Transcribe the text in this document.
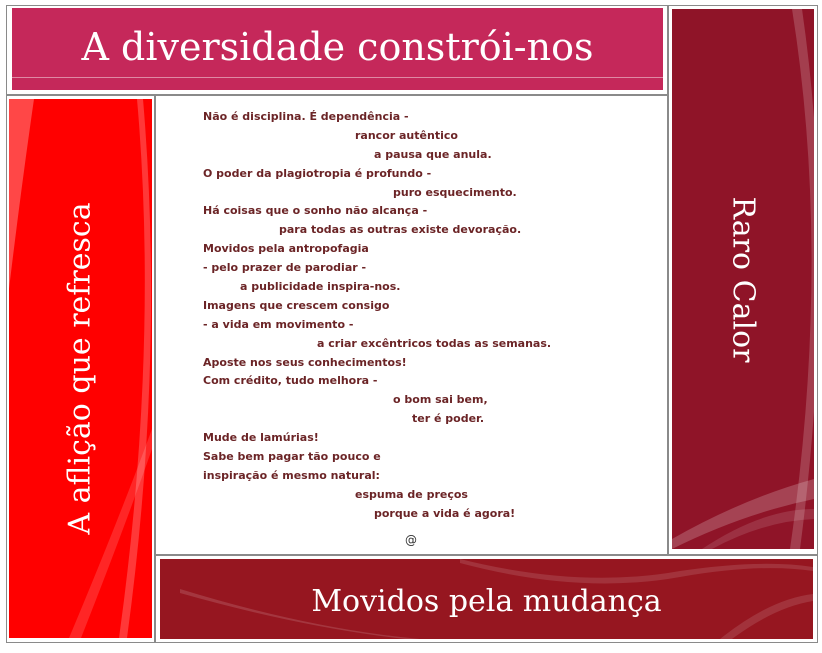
A diversidade constrói-nos
A aflição que refresca
Não é disciplina. É dependência -
rancor autêntico
a pausa que anula.
O poder da plagiotropia é profundo -
puro esquecimento.
Há coisas que o sonho não alcança -
para todas as outras existe devoração.
Movidos pela antropofagia
- pelo prazer de parodiar -
a publicidade inspira-nos.
Imagens que crescem consigo
- a vida em movimento -
a criar excêntricos todas as semanas.
Aposte nos seus conhecimentos!
Com crédito, tudo melhora -
o bom sai bem,
ter é poder.
Mude de lamúrias!
Sabe bem pagar tão pouco e
inspiração é mesmo natural:
espuma de preços
porque a vida é agora!
@
Raro Calor
Movidos pela mudança
